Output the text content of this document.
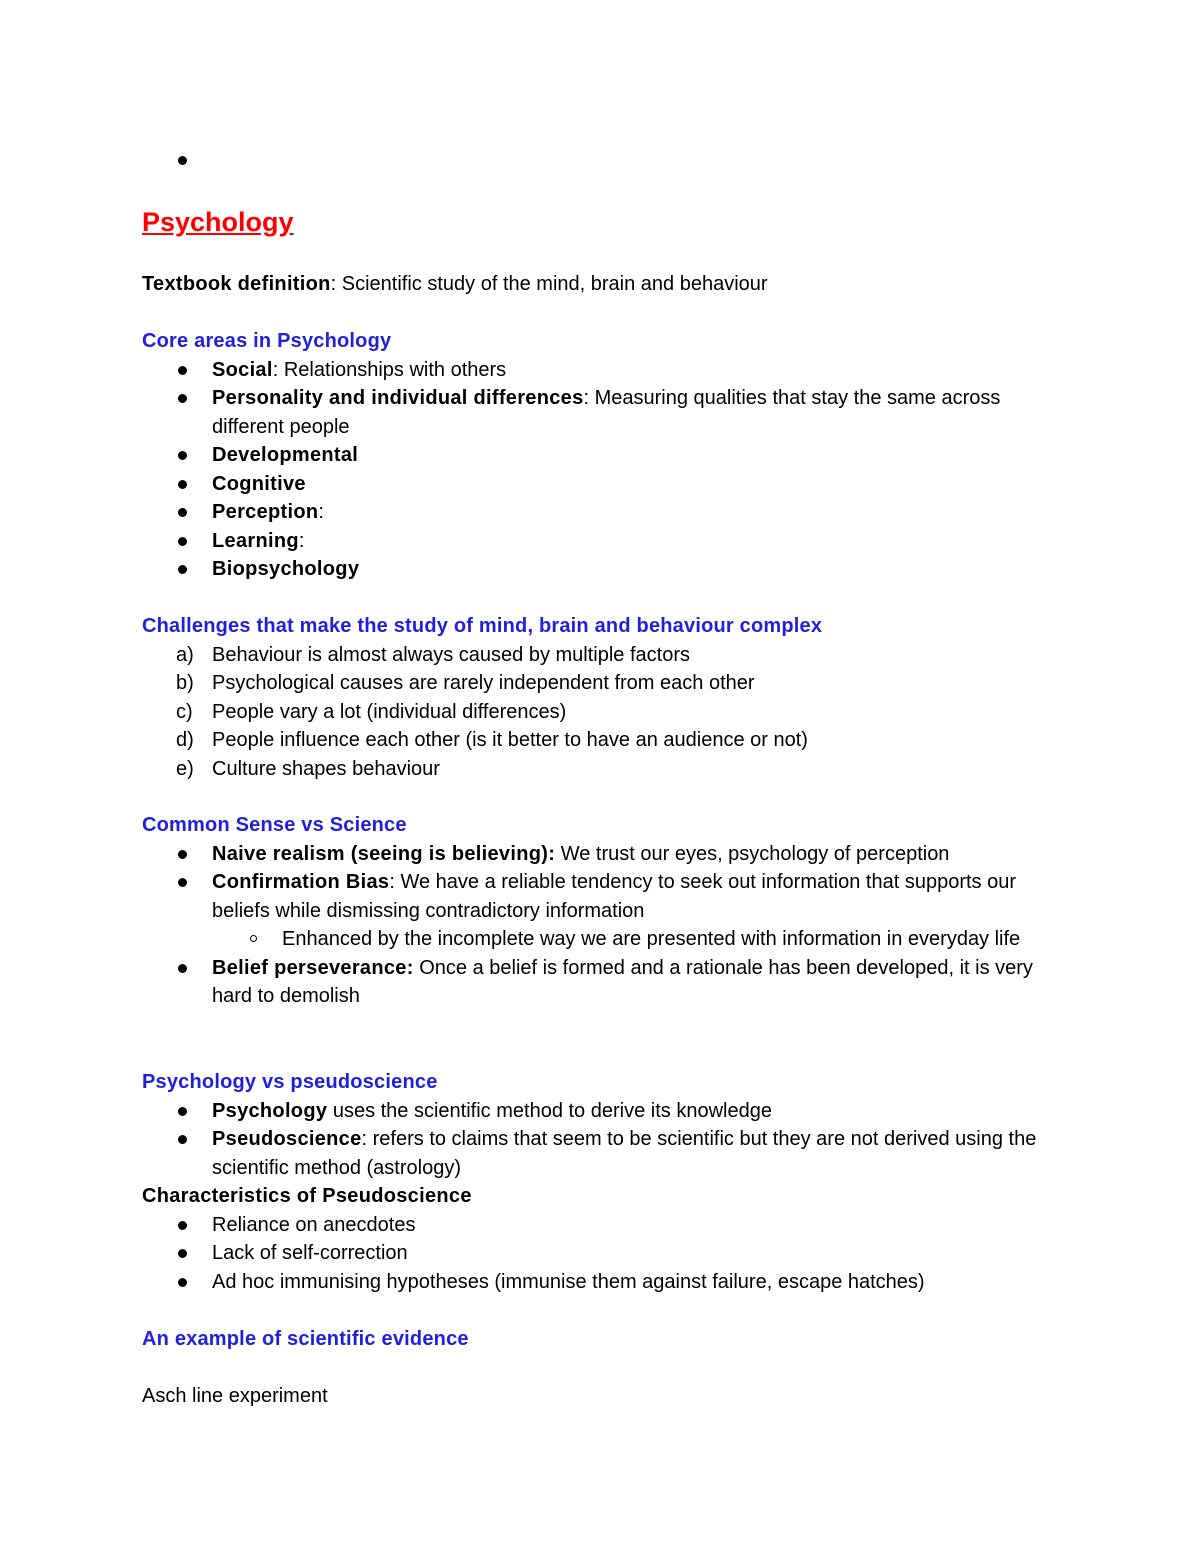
Psychology

Textbook definition: Scientific study of the mind, brain and behaviour

Core areas in Psychology

Social: Relationships with others
Personality and individual differences: Measuring qualities that stay the same across different people
Developmental
Cognitive
Perception:
Learning:
Biopsychology

Challenges that make the study of mind, brain and behaviour complex

a) Behaviour is almost always caused by multiple factors
b) Psychological causes are rarely independent from each other
c) People vary a lot (individual differences)
d) People influence each other (is it better to have an audience or not)
e) Culture shapes behaviour

Common Sense vs Science

Naive realism (seeing is believing): We trust our eyes, psychology of perception
Confirmation Bias: We have a reliable tendency to seek out information that supports our beliefs while dismissing contradictory information
Enhanced by the incomplete way we are presented with information in everyday life
Belief perseverance: Once a belief is formed and a rationale has been developed, it is very hard to demolish

Psychology vs pseudoscience

Psychology uses the scientific method to derive its knowledge
Pseudoscience: refers to claims that seem to be scientific but they are not derived using the scientific method (astrology)

Characteristics of Pseudoscience

Reliance on anecdotes
Lack of self-correction
Ad hoc immunising hypotheses (immunise them against failure, escape hatches)

An example of scientific evidence

Asch line experiment
